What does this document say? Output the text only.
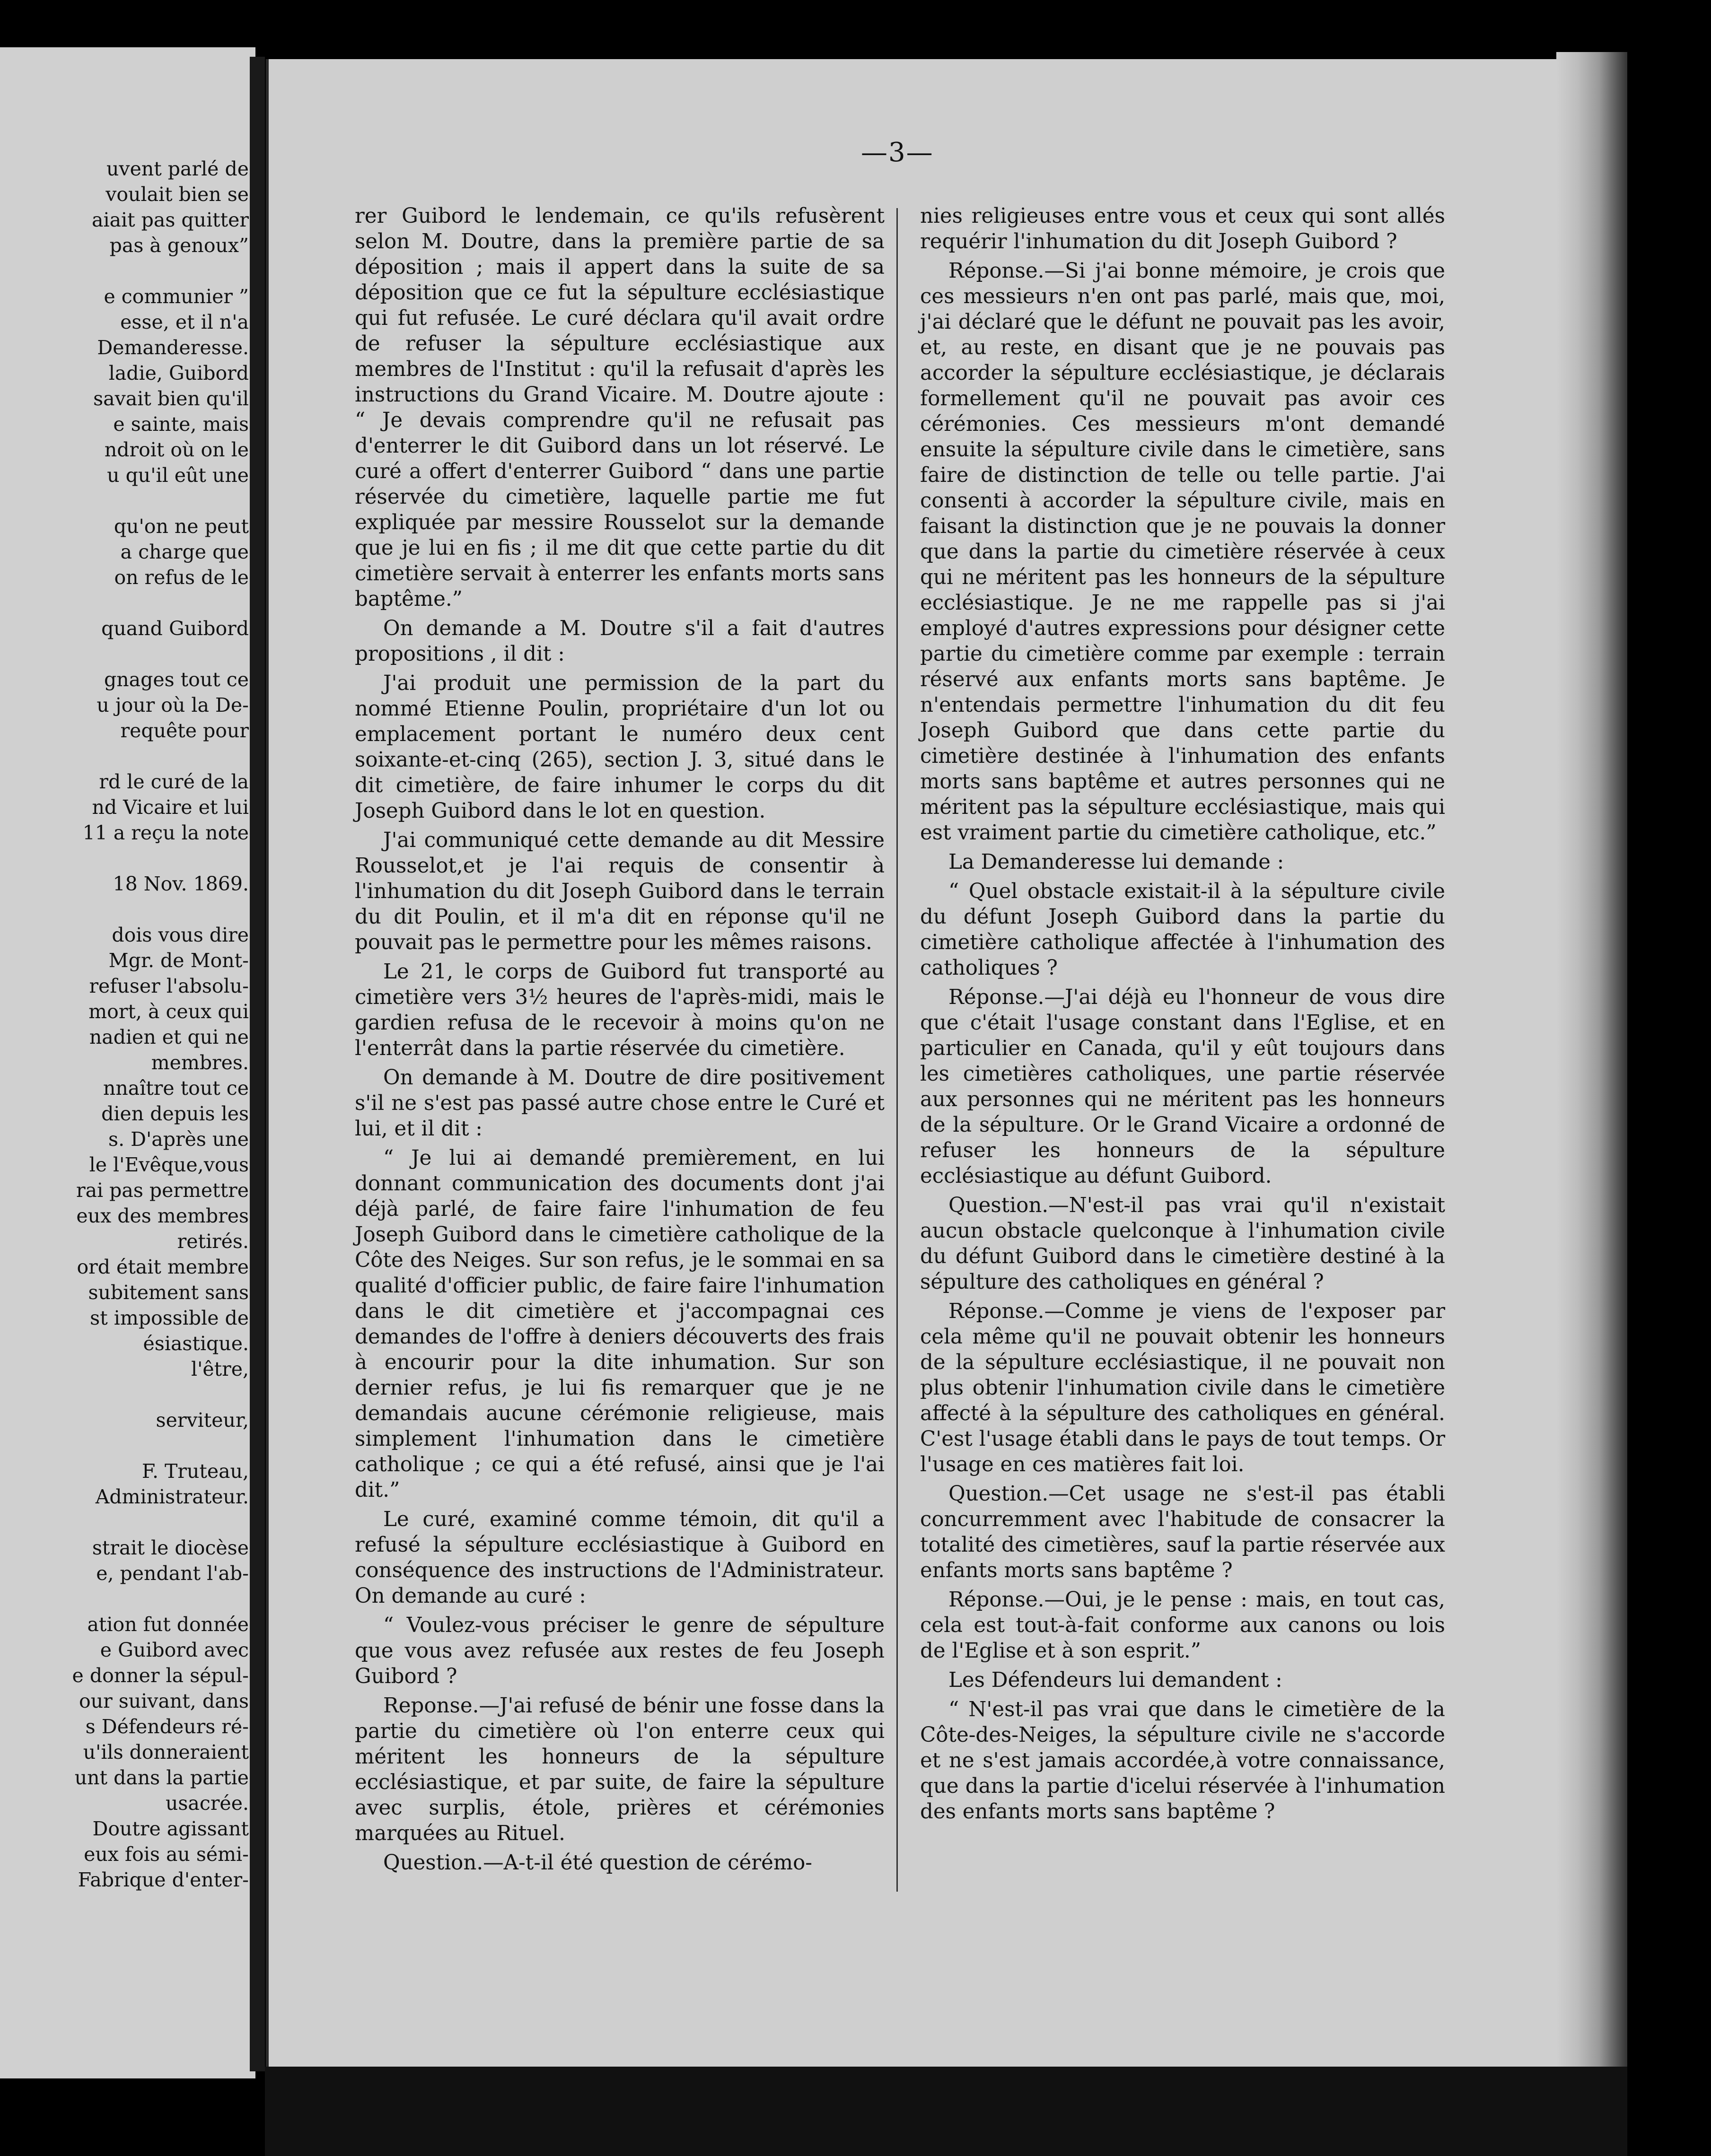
uvent parlé de
voulait bien se
aiait pas quitter
pas à genoux”
e communier ”
esse, et il n'a
Demanderesse.
ladie, Guibord
savait bien qu'il
e sainte, mais
ndroit où on le
u qu'il eût une
qu'on ne peut
a charge que
on refus de le
quand Guibord
gnages tout ce
u jour où la De-
requête pour
rd le curé de la
nd Vicaire et lui
11 a reçu la note
18 Nov. 1869.
dois vous dire
Mgr. de Mont-
refuser l'absolu-
mort, à ceux qui
nadien et qui ne
membres.
nnaître tout ce
dien depuis les
s. D'après une
le l'Evêque,vous
rai pas permettre
eux des membres
retirés.
ord était membre
subitement sans
st impossible de
ésiastique.
l'être,
serviteur,
F. Truteau,
Administrateur.
strait le diocèse
e, pendant l'ab-
ation fut donnée
e Guibord avec
e donner la sépul-
our suivant, dans
s Défendeurs ré-
u'ils donneraient
unt dans la partie
usacrée.
Doutre agissant
eux fois au sémi-
Fabrique d'enter-
—3—

rer Guibord le lendemain, ce qu'ils refusèrent selon M. Doutre, dans la première partie de sa déposition ; mais il appert dans la suite de sa déposition que ce fut la sépulture ecclésiastique qui fut refusée. Le curé déclara qu'il avait ordre de refuser la sépulture ecclésiastique aux membres de l'Institut : qu'il la refusait d'après les instructions du Grand Vicaire. M. Doutre ajoute : “ Je devais comprendre qu'il ne refusait pas d'enterrer le dit Guibord dans un lot réservé. Le curé a offert d'enterrer Guibord “ dans une partie réservée du cimetière, laquelle partie me fut expliquée par messire Rousselot sur la demande que je lui en fis ; il me dit que cette partie du dit cimetière servait à enterrer les enfants morts sans baptême.”

On demande a M. Doutre s'il a fait d'autres propositions , il dit :

J'ai produit une permission de la part du nommé Etienne Poulin, propriétaire d'un lot ou emplacement portant le numéro deux cent soixante-et-cinq (265), section J. 3, situé dans le dit cimetière, de faire inhumer le corps du dit Joseph Guibord dans le lot en question.

J'ai communiqué cette demande au dit Messire Rousselot,et je l'ai requis de consentir à l'inhumation du dit Joseph Guibord dans le terrain du dit Poulin, et il m'a dit en réponse qu'il ne pouvait pas le permettre pour les mêmes raisons.

Le 21, le corps de Guibord fut transporté au cimetière vers 3½ heures de l'après-midi, mais le gardien refusa de le recevoir à moins qu'on ne l'enterrât dans la partie réservée du cimetière.

On demande à M. Doutre de dire positivement s'il ne s'est pas passé autre chose entre le Curé et lui, et il dit :

“ Je lui ai demandé premièrement, en lui donnant communication des documents dont j'ai déjà parlé, de faire faire l'inhumation de feu Joseph Guibord dans le cimetière catholique de la Côte des Neiges. Sur son refus, je le sommai en sa qualité d'officier public, de faire faire l'inhumation dans le dit cimetière et j'accompagnai ces demandes de l'offre à deniers découverts des frais à encourir pour la dite inhumation. Sur son dernier refus, je lui fis remarquer que je ne demandais aucune cérémonie religieuse, mais simplement l'inhumation dans le cimetière catholique ; ce qui a été refusé, ainsi que je l'ai dit.”

Le curé, examiné comme témoin, dit qu'il a refusé la sépulture ecclésiastique à Guibord en conséquence des instructions de l'Administrateur. On demande au curé :

“ Voulez-vous préciser le genre de sépulture que vous avez refusée aux restes de feu Joseph Guibord ?

Reponse.—J'ai refusé de bénir une fosse dans la partie du cimetière où l'on enterre ceux qui méritent les honneurs de la sépulture ecclésiastique, et par suite, de faire la sépulture avec surplis, étole, prières et cérémonies marquées au Rituel.

Question.—A-t-il été question de cérémo-

nies religieuses entre vous et ceux qui sont allés requérir l'inhumation du dit Joseph Guibord ?

Réponse.—Si j'ai bonne mémoire, je crois que ces messieurs n'en ont pas parlé, mais que, moi, j'ai déclaré que le défunt ne pouvait pas les avoir, et, au reste, en disant que je ne pouvais pas accorder la sépulture ecclésiastique, je déclarais formellement qu'il ne pouvait pas avoir ces cérémonies. Ces messieurs m'ont demandé ensuite la sépulture civile dans le cimetière, sans faire de distinction de telle ou telle partie. J'ai consenti à accorder la sépulture civile, mais en faisant la distinction que je ne pouvais la donner que dans la partie du cimetière réservée à ceux qui ne méritent pas les honneurs de la sépulture ecclésiastique. Je ne me rappelle pas si j'ai employé d'autres expressions pour désigner cette partie du cimetière comme par exemple : terrain réservé aux enfants morts sans baptême. Je n'entendais permettre l'inhumation du dit feu Joseph Guibord que dans cette partie du cimetière destinée à l'inhumation des enfants morts sans baptême et autres personnes qui ne méritent pas la sépulture ecclésiastique, mais qui est vraiment partie du cimetière catholique, etc.”

La Demanderesse lui demande :

“ Quel obstacle existait-il à la sépulture civile du défunt Joseph Guibord dans la partie du cimetière catholique affectée à l'inhumation des catholiques ?

Réponse.—J'ai déjà eu l'honneur de vous dire que c'était l'usage constant dans l'Eglise, et en particulier en Canada, qu'il y eût toujours dans les cimetières catholiques, une partie réservée aux personnes qui ne méritent pas les honneurs de la sépulture. Or le Grand Vicaire a ordonné de refuser les honneurs de la sépulture ecclésiastique au défunt Guibord.

Question.—N'est-il pas vrai qu'il n'existait aucun obstacle quelconque à l'inhumation civile du défunt Guibord dans le cimetière destiné à la sépulture des catholiques en général ?

Réponse.—Comme je viens de l'exposer par cela même qu'il ne pouvait obtenir les honneurs de la sépulture ecclésiastique, il ne pouvait non plus obtenir l'inhumation civile dans le cimetière affecté à la sépulture des catholiques en général. C'est l'usage établi dans le pays de tout temps. Or l'usage en ces matières fait loi.

Question.—Cet usage ne s'est-il pas établi concurremment avec l'habitude de consacrer la totalité des cimetières, sauf la partie réservée aux enfants morts sans baptême ?

Réponse.—Oui, je le pense : mais, en tout cas, cela est tout-à-fait conforme aux canons ou lois de l'Eglise et à son esprit.”

Les Défendeurs lui demandent :

“ N'est-il pas vrai que dans le cimetière de la Côte-des-Neiges, la sépulture civile ne s'accorde et ne s'est jamais accordée,à votre connaissance, que dans la partie d'icelui réservée à l'inhumation des enfants morts sans baptême ?
